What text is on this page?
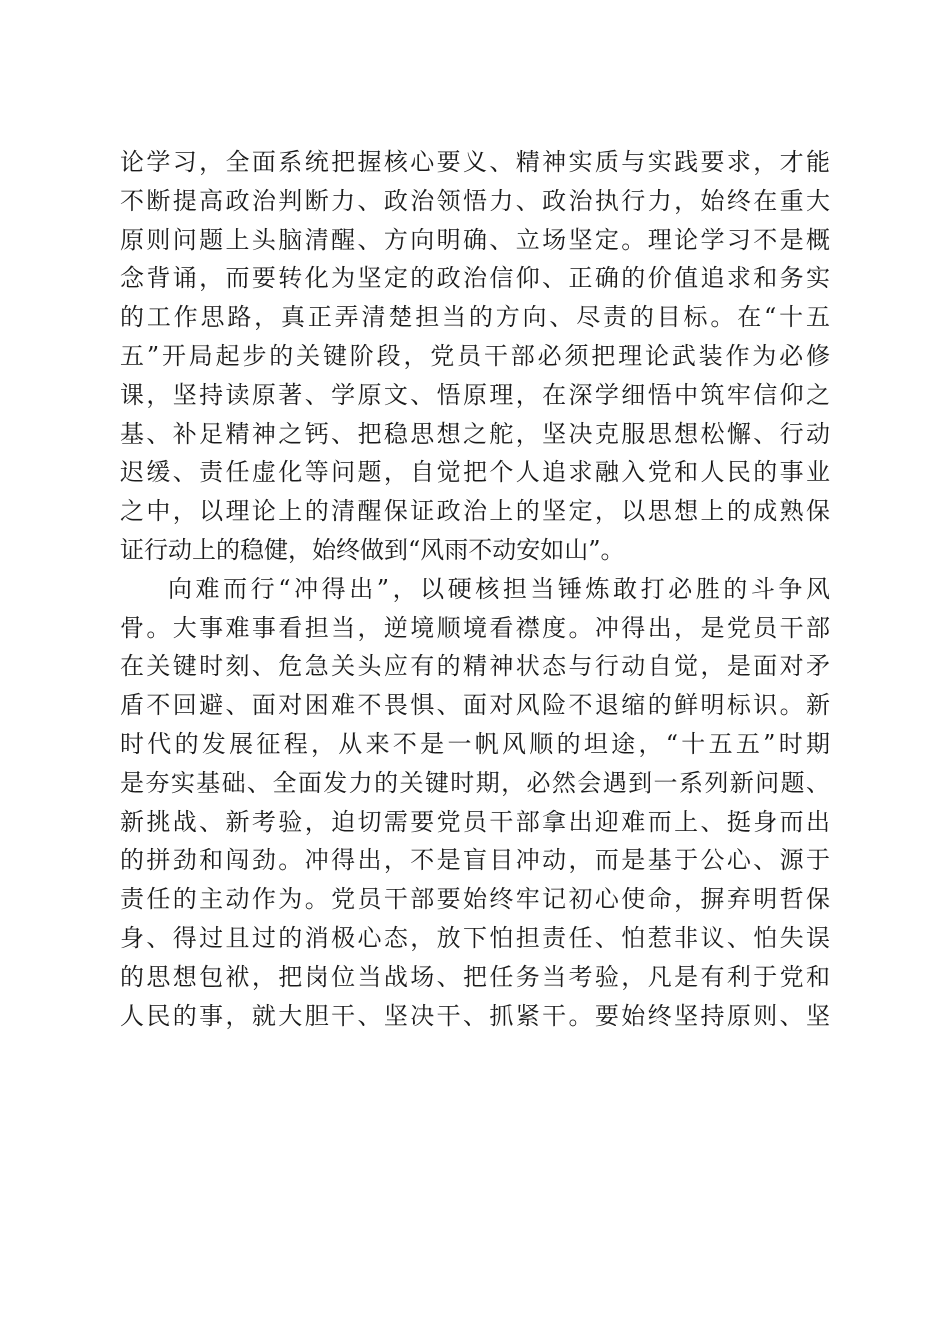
论学习，全面系统把握核心要义、精神实质与实践要求，才能
不断提高政治判断力、政治领悟力、政治执行力，始终在重大
原则问题上头脑清醒、方向明确、立场坚定。理论学习不是概
念背诵，而要转化为坚定的政治信仰、正确的价值追求和务实
的工作思路，真正弄清楚担当的方向、尽责的目标。在“十五
五”开局起步的关键阶段，党员干部必须把理论武装作为必修
课，坚持读原著、学原文、悟原理，在深学细悟中筑牢信仰之
基、补足精神之钙、把稳思想之舵，坚决克服思想松懈、行动
迟缓、责任虚化等问题，自觉把个人追求融入党和人民的事业
之中，以理论上的清醒保证政治上的坚定，以思想上的成熟保
证行动上的稳健，始终做到“风雨不动安如山”。
向难而行“冲得出”，以硬核担当锤炼敢打必胜的斗争风
骨。大事难事看担当，逆境顺境看襟度。冲得出，是党员干部
在关键时刻、危急关头应有的精神状态与行动自觉，是面对矛
盾不回避、面对困难不畏惧、面对风险不退缩的鲜明标识。新
时代的发展征程，从来不是一帆风顺的坦途，“十五五”时期
是夯实基础、全面发力的关键时期，必然会遇到一系列新问题、
新挑战、新考验，迫切需要党员干部拿出迎难而上、挺身而出
的拼劲和闯劲。冲得出，不是盲目冲动，而是基于公心、源于
责任的主动作为。党员干部要始终牢记初心使命，摒弃明哲保
身、得过且过的消极心态，放下怕担责任、怕惹非议、怕失误
的思想包袱，把岗位当战场、把任务当考验，凡是有利于党和
人民的事，就大胆干、坚决干、抓紧干。要始终坚持原则、坚
